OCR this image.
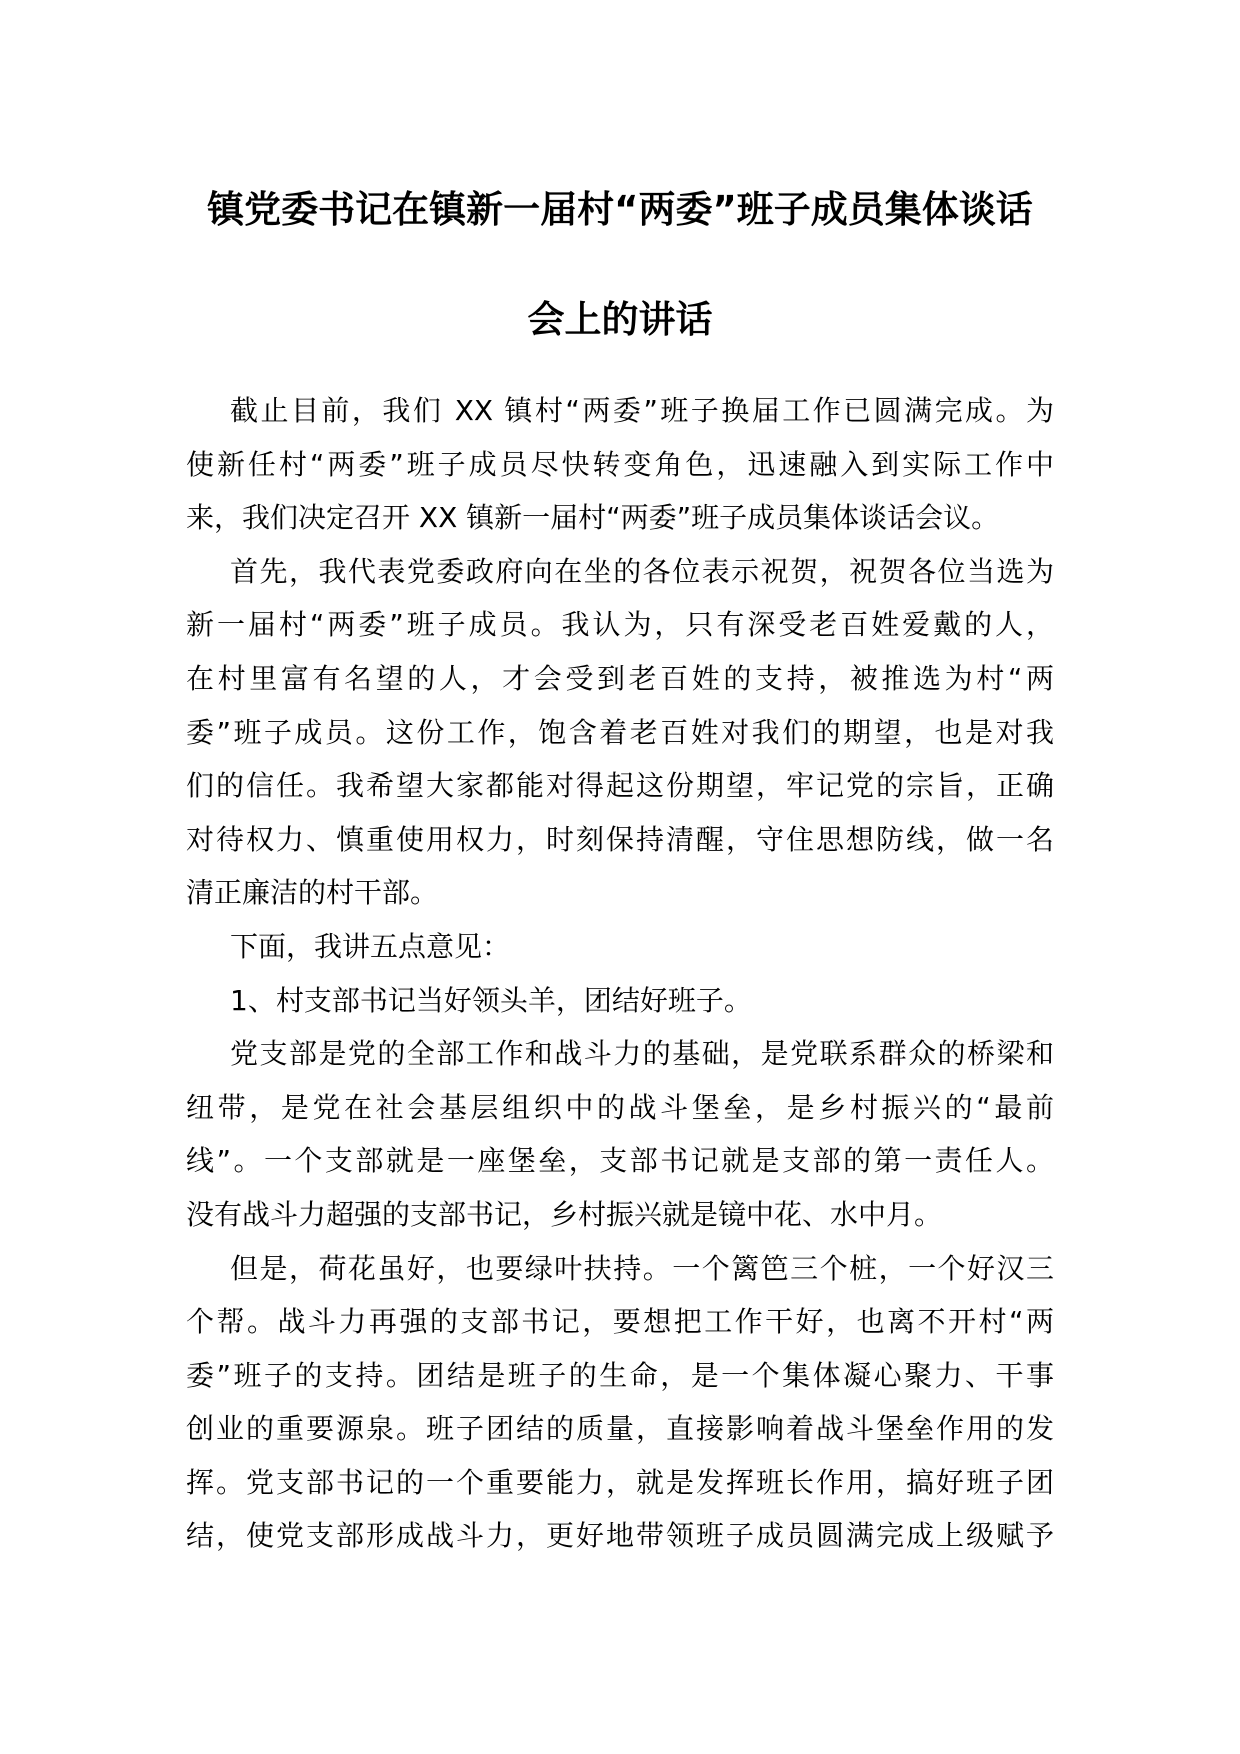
镇党委书记在镇新一届村“两委”班子成员集体谈话
会上的讲话
截止目前，我们 XX 镇村“两委”班子换届工作已圆满完成。为
使新任村“两委”班子成员尽快转变角色，迅速融入到实际工作中
来，我们决定召开 XX 镇新一届村“两委”班子成员集体谈话会议。
首先，我代表党委政府向在坐的各位表示祝贺，祝贺各位当选为
新一届村“两委”班子成员。我认为，只有深受老百姓爱戴的人，
在村里富有名望的人，才会受到老百姓的支持，被推选为村“两
委”班子成员。这份工作，饱含着老百姓对我们的期望，也是对我
们的信任。我希望大家都能对得起这份期望，牢记党的宗旨，正确
对待权力、慎重使用权力，时刻保持清醒，守住思想防线，做一名
清正廉洁的村干部。
下面，我讲五点意见：
1、村支部书记当好领头羊，团结好班子。
党支部是党的全部工作和战斗力的基础，是党联系群众的桥梁和
纽带，是党在社会基层组织中的战斗堡垒，是乡村振兴的“最前
线”。一个支部就是一座堡垒，支部书记就是支部的第一责任人。
没有战斗力超强的支部书记，乡村振兴就是镜中花、水中月。
但是，荷花虽好，也要绿叶扶持。一个篱笆三个桩，一个好汉三
个帮。战斗力再强的支部书记，要想把工作干好，也离不开村“两
委”班子的支持。团结是班子的生命，是一个集体凝心聚力、干事
创业的重要源泉。班子团结的质量，直接影响着战斗堡垒作用的发
挥。党支部书记的一个重要能力，就是发挥班长作用，搞好班子团
结，使党支部形成战斗力，更好地带领班子成员圆满完成上级赋予
